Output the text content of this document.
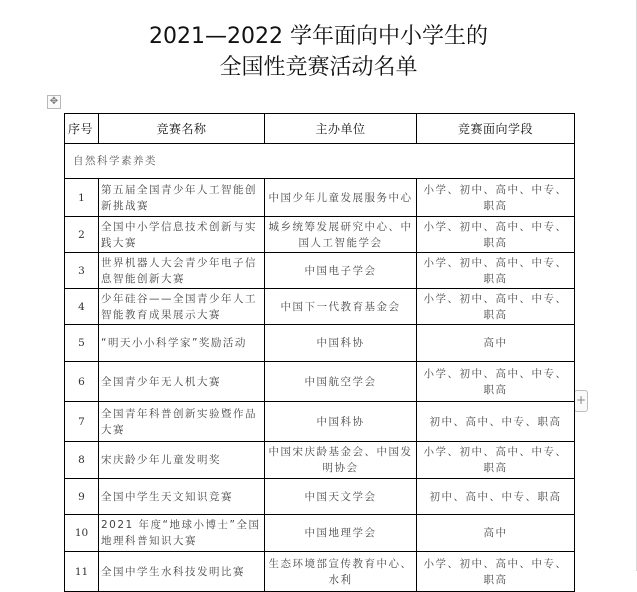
2021—2022 学年面向中小学生的
全国性竞赛活动名单
✥
+
序号	竞赛名称	主办单位	竞赛面向学段
自然科学素养类			
1	第五届全国青少年人工智能创新挑战赛	中国少年儿童发展服务中心	小学、初中、高中、中专、职高
2	全国中小学信息技术创新与实践大赛	城乡统筹发展研究中心、中国人工智能学会	小学、初中、高中、中专、职高
3	世界机器人大会青少年电子信息智能创新大赛	中国电子学会	小学、初中、高中、中专、职高
4	少年硅谷——全国青少年人工智能教育成果展示大赛	中国下一代教育基金会	小学、初中、高中、中专、职高
5	“明天小小科学家”奖励活动	中国科协	高中
6	全国青少年无人机大赛	中国航空学会	小学、初中、高中、中专、职高
7	全国青年科普创新实验暨作品大赛	中国科协	初中、高中、中专、职高
8	宋庆龄少年儿童发明奖	中国宋庆龄基金会、中国发明协会	小学、初中、高中、中专、职高
9	全国中学生天文知识竞赛	中国天文学会	初中、高中、中专、职高
10	2021 年度“地球小博士”全国地理科普知识大赛	中国地理学会	高中
11	全国中学生水科技发明比赛	生态环境部宣传教育中心、水利	小学、初中、高中、中专、职高
